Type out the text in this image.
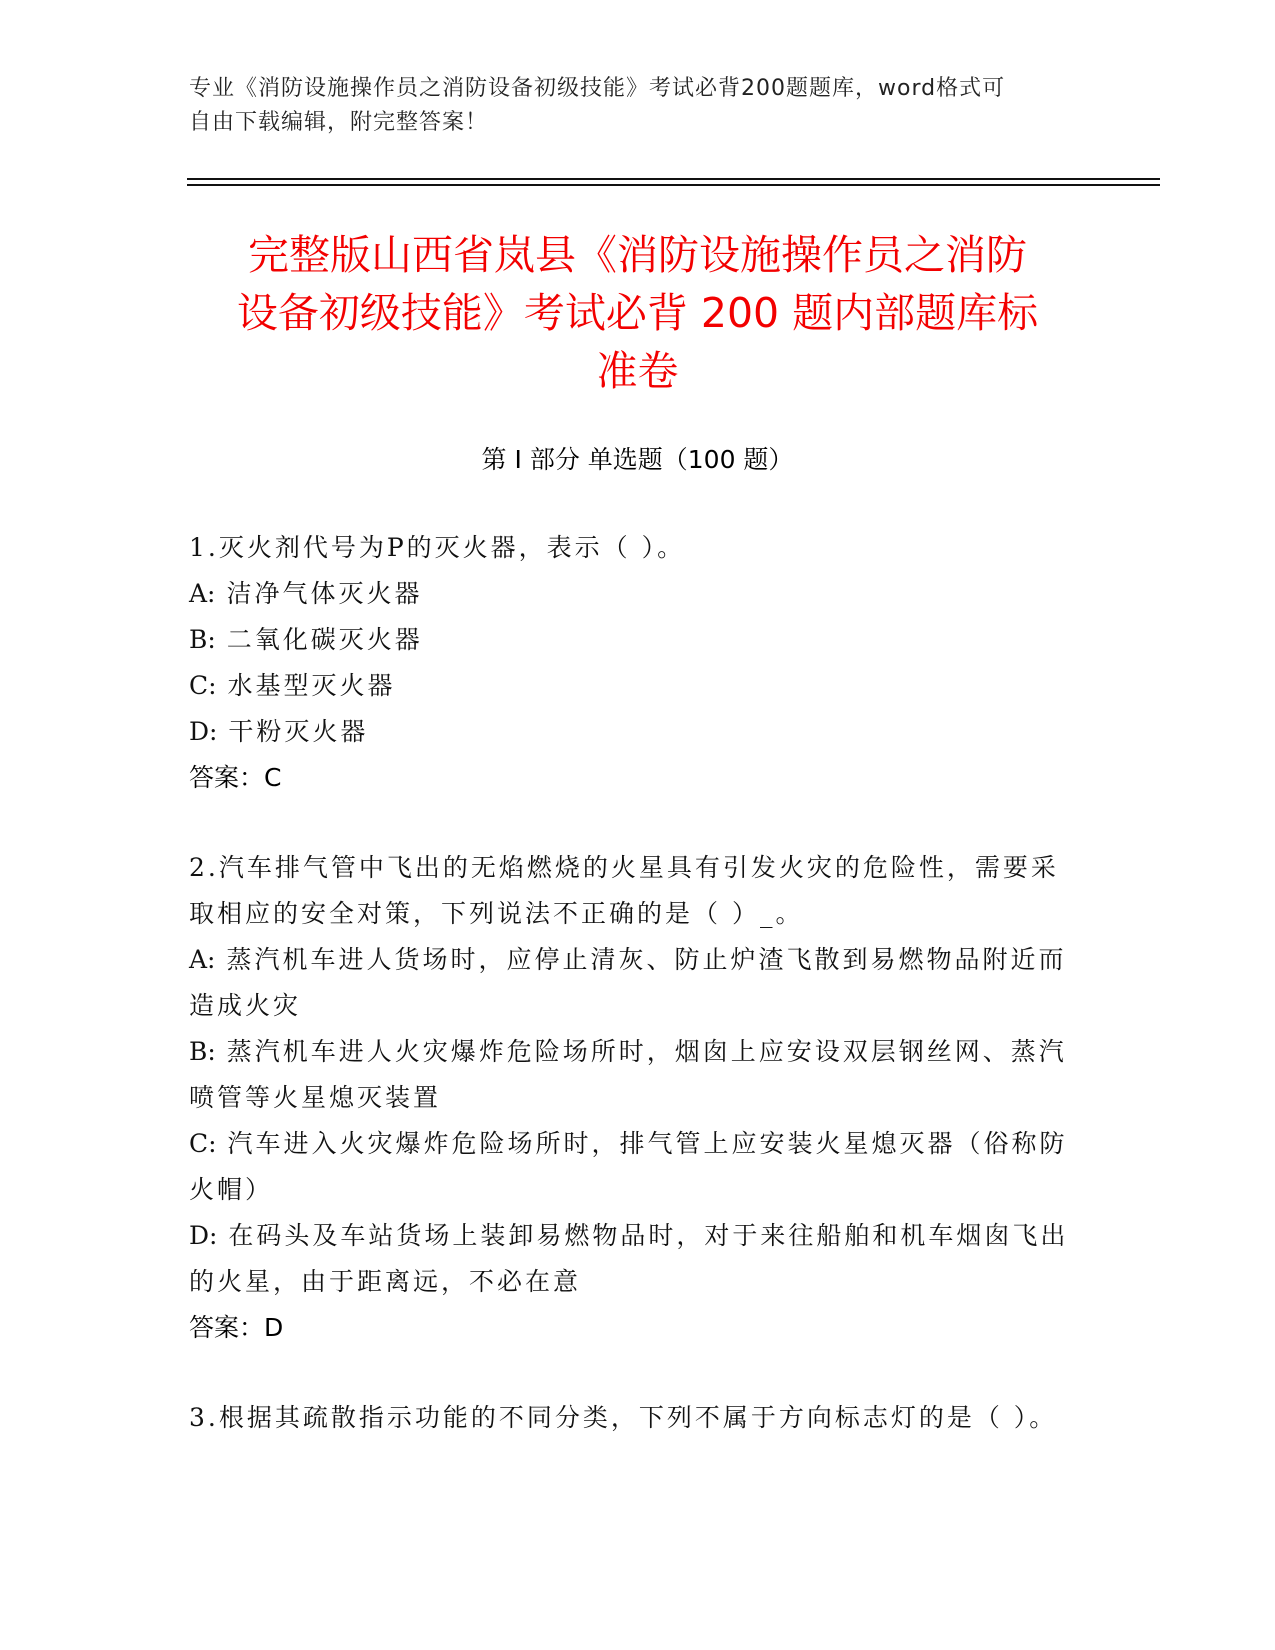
专业《消防设施操作员之消防设备初级技能》考试必背200题题库，word格式可
自由下载编辑，附完整答案！
完整版山西省岚县《消防设施操作员之消防
设备初级技能》考试必背 200 题内部题库标
准卷
第 I 部分 单选题（100 题）

1.灭火剂代号为P的灭火器，表示（ ）。

A: 洁净气体灭火器

B: 二氧化碳灭火器

C: 水基型灭火器

D: 干粉灭火器

答案：C

2.汽车排气管中飞出的无焰燃烧的火星具有引发火灾的危险性，需要采取相应的安全对策，下列说法不正确的是（ ）_。

A: 蒸汽机车进人货场时，应停止清灰、防止炉渣飞散到易燃物品附近而造成火灾

B: 蒸汽机车进人火灾爆炸危险场所时，烟囱上应安设双层钢丝网、蒸汽喷管等火星熄灭装置

C: 汽车进入火灾爆炸危险场所时，排气管上应安装火星熄灭器（俗称防火帽）

D: 在码头及车站货场上装卸易燃物品时，对于来往船舶和机车烟囱飞出的火星，由于距离远，不必在意

答案：D

3.根据其疏散指示功能的不同分类，下列不属于方向标志灯的是（ ）。
